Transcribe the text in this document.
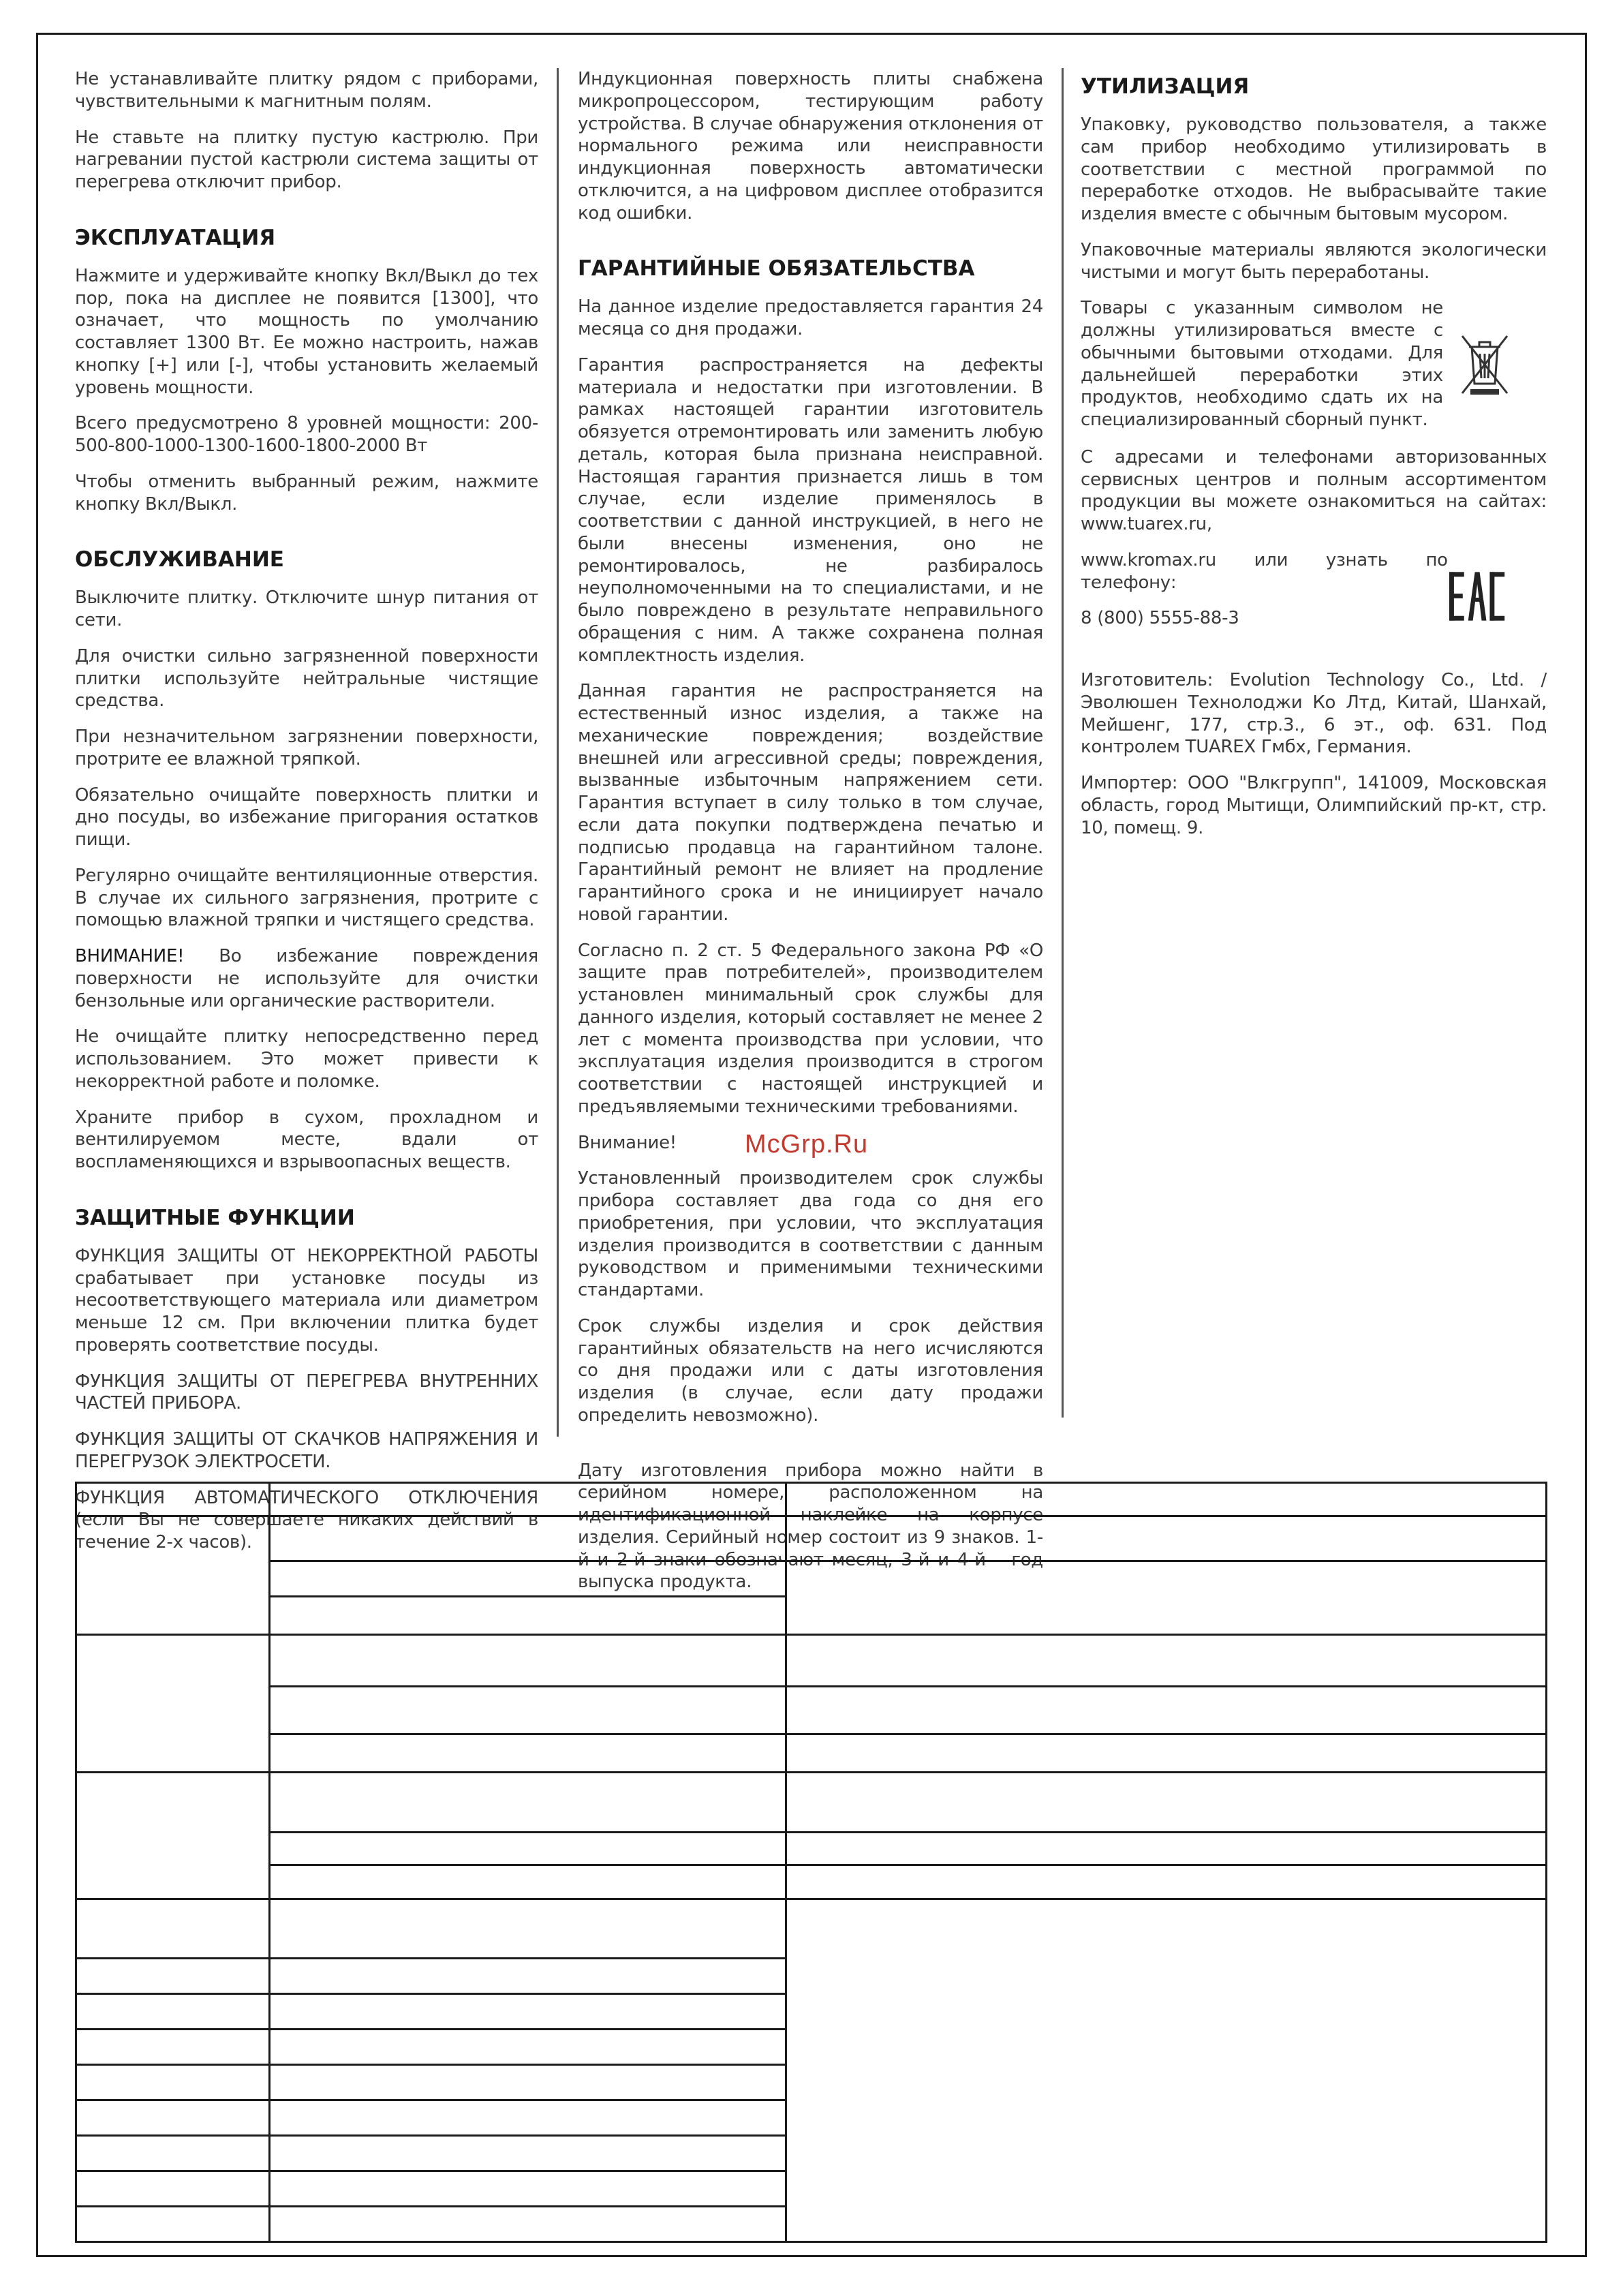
Не устанавливайте плитку рядом с приборами, чувствительными к магнитным полям.

Не ставьте на плитку пустую кастрюлю. При нагревании пустой кастрюли система защиты от перегрева отключит прибор.

ЭКСПЛУАТАЦИЯ

Нажмите и удерживайте кнопку Вкл/Выкл до тех пор, пока на дисплее не появится [1300], что означает, что мощность по умолчанию составляет 1300 Вт. Ее можно настроить, нажав кнопку [+] или [-], чтобы установить желаемый уровень мощности.

Всего предусмотрено 8 уровней мощности: 200-500-800-1000-1300-1600-1800-2000 Вт

Чтобы отменить выбранный режим, нажмите кнопку Вкл/Выкл.

ОБСЛУЖИВАНИЕ

Выключите плитку. Отключите шнур питания от сети.

Для очистки сильно загрязненной поверхности плитки используйте нейтральные чистящие средства.

При незначительном загрязнении поверхности, протрите ее влажной тряпкой.

Обязательно очищайте поверхность плитки и дно посуды, во избежание пригорания остатков пищи.

Регулярно очищайте вентиляционные отверстия. В случае их сильного загрязнения, протрите с помощью влажной тряпки и чистящего средства.

ВНИМАНИЕ! Во избежание повреждения поверхности не используйте для очистки бензольные или органические растворители.

Не очищайте плитку непосредственно перед использованием. Это может привести к некорректной работе и поломке.

Храните прибор в сухом, прохладном и вентилируемом месте, вдали от воспламеняющихся и взрывоопасных веществ.

ЗАЩИТНЫЕ ФУНКЦИИ

ФУНКЦИЯ ЗАЩИТЫ ОТ НЕКОРРЕКТНОЙ РАБОТЫ срабатывает при установке посуды из несоответствующего материала или диаметром меньше 12 см. При включении плитка будет проверять соответствие посуды.

ФУНКЦИЯ ЗАЩИТЫ ОТ ПЕРЕГРЕВА ВНУТРЕННИХ ЧАСТЕЙ ПРИБОРА.

ФУНКЦИЯ ЗАЩИТЫ ОТ СКАЧКОВ НАПРЯЖЕНИЯ И ПЕРЕГРУЗОК ЭЛЕКТРОСЕТИ.

ФУНКЦИЯ АВТОМАТИЧЕСКОГО ОТКЛЮЧЕНИЯ (если Вы не совершаете никаких действий в течение 2-х часов).

Индукционная поверхность плиты снабжена микропроцессором, тестирующим работу устройства. В случае обнаружения отклонения от нормального режима или неисправности индукционная поверхность автоматически отключится, а на цифровом дисплее отобразится код ошибки.

ГАРАНТИЙНЫЕ ОБЯЗАТЕЛЬСТВА

На данное изделие предоставляется гарантия 24 месяца со дня продажи.

Гарантия распространяется на дефекты материала и недостатки при изготовлении. В рамках настоящей гарантии изготовитель обязуется отремонтировать или заменить любую деталь, которая была признана неисправной. Настоящая гарантия признается лишь в том случае, если изделие применялось в соответствии с данной инструкцией, в него не были внесены изменения, оно не ремонтировалось, не разбиралось неуполномоченными на то специалистами, и не было повреждено в результате неправильного обращения с ним. А также сохранена полная комплектность изделия.

Данная гарантия не распространяется на естественный износ изделия, а также на механические повреждения; воздействие внешней или агрессивной среды; повреждения, вызванные избыточным напряжением сети. Гарантия вступает в силу только в том случае, если дата покупки подтверждена печатью и подписью продавца на гарантийном талоне. Гарантийный ремонт не влияет на продление гарантийного срока и не инициирует начало новой гарантии.

Согласно п. 2 ст. 5 Федерального закона РФ «О защите прав потребителей», производителем установлен минимальный срок службы для данного изделия, который составляет не менее 2 лет с момента производства при условии, что эксплуатация изделия производится в строгом соответствии с настоящей инструкцией и предъявляемыми техническими требованиями.

Внимание!

Установленный производителем срок службы прибора составляет два года со дня его приобретения, при условии, что эксплуатация изделия производится в соответствии с данным руководством и применимыми техническими стандартами.

Срок службы изделия и срок действия гарантийных обязательств на него исчисляются со дня продажи или с даты изготовления изделия (в случае, если дату продажи определить невозможно).

Дату изготовления прибора можно найти в серийном номере, расположенном на идентификационной наклейке на корпусе изделия. Серийный номер состоит из 9 знаков. 1-й и 2-й знаки обозначают месяц, 3-й и 4-й— год выпуска продукта.

УТИЛИЗАЦИЯ

Упаковку, руководство пользователя, а также сам прибор необходимо утилизировать в соответствии с местной программой по переработке отходов. Не выбрасывайте такие изделия вместе с обычным бытовым мусором.

Упаковочные материалы являются экологически чистыми и могут быть переработаны.

Товары с указанным символом не должны утилизироваться вместе с обычными бытовыми отходами. Для дальнейшей переработки этих продуктов, необходимо сдать их на специализированный сборный пункт.

С адресами и телефонами авторизованных сервисных центров и полным ассортиментом продукции вы можете ознакомиться на сайтах: www.tuarex.ru,

www.kromax.ru или узнать по телефону:

8 (800) 5555-88-3

Изготовитель: Evolution Technology Co., Ltd. / Эволюшен Технолоджи Ко Лтд, Китай, Шанхай, Мейшенг, 177, стр.3., 6 эт., оф. 631. Под контролем TUAREX Гмбх, Германия.

Импортер: ООО "Влкгрупп", 141009, Московская область, город Мытищи, Олимпийский пр-кт, стр. 10, помещ. 9.

McGrp.Ru
